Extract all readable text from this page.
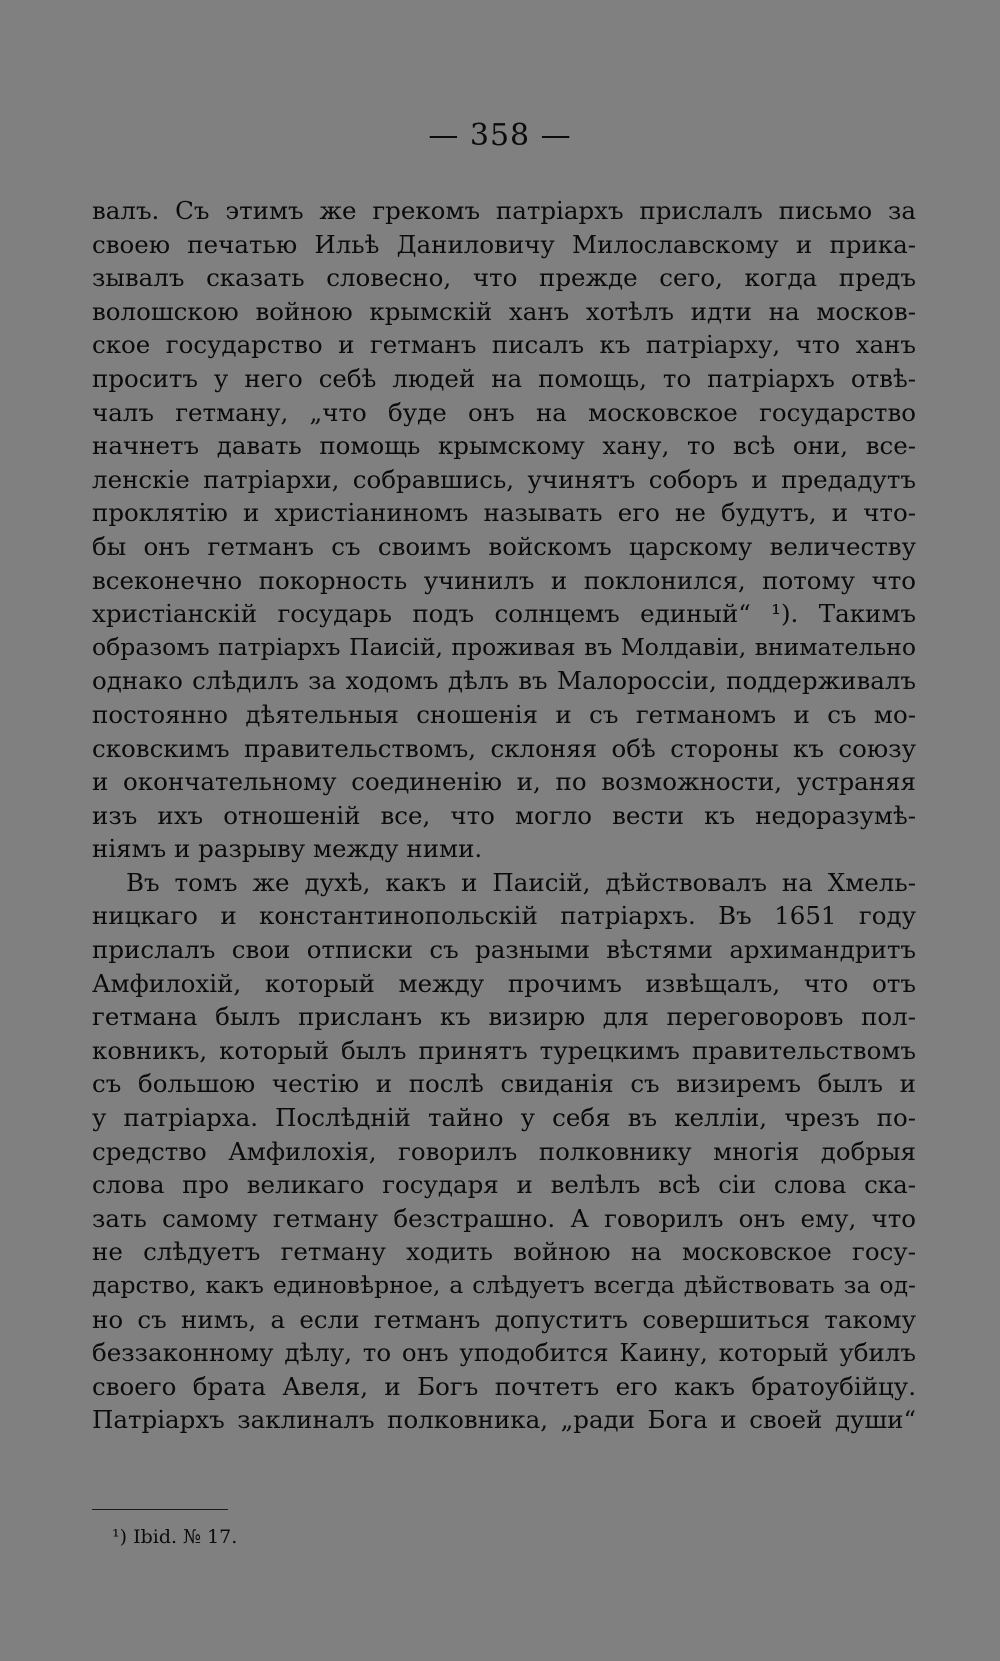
— 358 —
валъ. Съ этимъ же грекомъ патріархъ прислалъ письмо за
своею печатью Ильѣ Даниловичу Милославскому и прика-
зывалъ сказать словесно, что прежде сего, когда предъ
волошскою войною крымскій ханъ хотѣлъ идти на москов-
ское государство и гетманъ писалъ къ патріарху, что ханъ
проситъ у него себѣ людей на помощь, то патріархъ отвѣ-
чалъ гетману, „что буде онъ на московское государство
начнетъ давать помощь крымскому хану, то всѣ они, все-
ленскіе патріархи, собравшись, учинятъ соборъ и предадутъ
проклятію и христіаниномъ называть его не будутъ, и что-
бы онъ гетманъ съ своимъ войскомъ царскому величеству
всеконечно покорность учинилъ и поклонился, потому что
христіанскій государь подъ солнцемъ единый“ ¹). Такимъ
образомъ патріархъ Паисій, проживая въ Молдавіи, внимательно
однако слѣдилъ за ходомъ дѣлъ въ Малороссіи, поддерживалъ
постоянно дѣятельныя сношенія и съ гетманомъ и съ мо-
сковскимъ правительствомъ, склоняя обѣ стороны къ союзу
и окончательному соединенію и, по возможности, устраняя
изъ ихъ отношеній все, что могло вести къ недоразумѣ-
ніямъ и разрыву между ними.
Въ томъ же духѣ, какъ и Паисій, дѣйствовалъ на Хмель-
ницкаго и константинопольскій патріархъ. Въ 1651 году
прислалъ свои отписки съ разными вѣстями архимандритъ
Амфилохій, который между прочимъ извѣщалъ, что отъ
гетмана былъ присланъ къ визирю для переговоровъ пол-
ковникъ, который былъ принятъ турецкимъ правительствомъ
съ большою честію и послѣ свиданія съ визиремъ былъ и
у патріарха. Послѣдній тайно у себя въ келліи, чрезъ по-
средство Амфилохія, говорилъ полковнику многія добрыя
слова про великаго государя и велѣлъ всѣ сіи слова ска-
зать самому гетману безстрашно. А говорилъ онъ ему, что
не слѣдуетъ гетману ходить войною на московское госу-
дарство, какъ единовѣрное, а слѣдуетъ всегда дѣйствовать за од-
но съ нимъ, а если гетманъ допуститъ совершиться такому
беззаконному дѣлу, то онъ уподобится Каину, который убилъ
своего брата Авеля, и Богъ почтетъ его какъ братоубійцу.
Патріархъ заклиналъ полковника, „ради Бога и своей души“
¹) Ibid. № 17.
